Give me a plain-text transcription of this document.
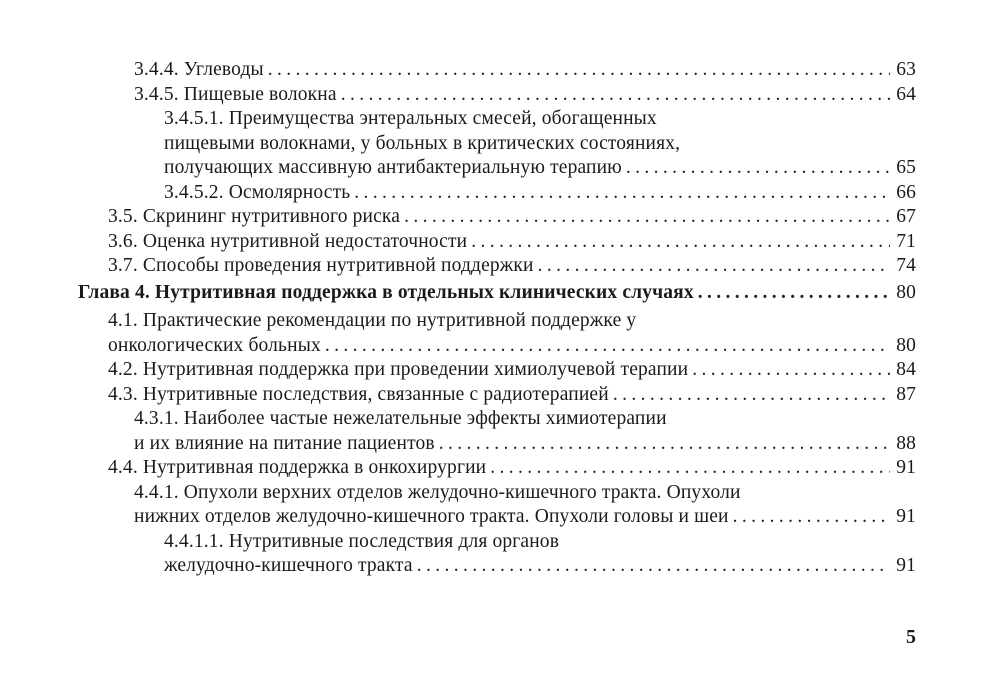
3.4.4. Углеводы . . .	63
3.4.5. Пищевые волокна . . .	64
3.4.5.1. Преимущества энтеральных смесей, обогащенных
пищевыми волокнами, у больных в критических состояниях,
получающих массивную антибактериальную терапию . . .	65
3.4.5.2. Осмолярность . . .	66
3.5. Скрининг нутритивного риска . . .	67
3.6. Оценка нутритивной недостаточности . . .	71
3.7. Способы проведения нутритивной поддержки . . .	74
Глава 4. Нутритивная поддержка в отдельных клинических случаях . . .	80
4.1. Практические рекомендации по нутритивной поддержке у
онкологических больных . . .	80
4.2. Нутритивная поддержка при проведении химиолучевой терапии . . .	84
4.3. Нутритивные последствия, связанные с радиотерапией . . .	87
4.3.1. Наиболее частые нежелательные эффекты химиотерапии
и их влияние на питание пациентов . . .	88
4.4. Нутритивная поддержка в онкохирургии . . .	91
4.4.1. Опухоли верхних отделов желудочно-кишечного тракта. Опухоли
нижних отделов желудочно-кишечного тракта. Опухоли головы и шеи . . .	91
4.4.1.1. Нутритивные последствия для органов
желудочно-кишечного тракта . . .	91
5
